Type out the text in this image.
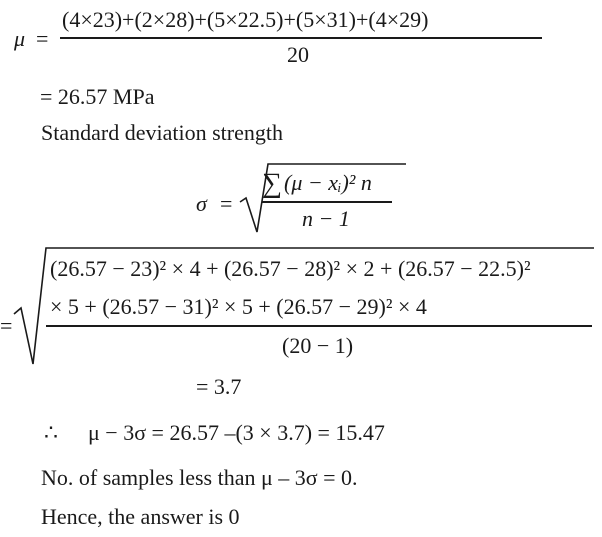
μ =
(4×23)+(2×28)+(5×22.5)+(5×31)+(4×29)
20
= 26.57 MPa
Standard deviation strength
σ =
∑ (μ − xᵢ)² n
n − 1
=
(26.57 − 23)² × 4 + (26.57 − 28)² × 2 + (26.57 − 22.5)²
× 5 + (26.57 − 31)² × 5 + (26.57 − 29)² × 4
(20 − 1)
= 3.7
∴ μ − 3σ = 26.57 –(3 × 3.7) = 15.47
No. of samples less than μ – 3σ = 0.
Hence, the answer is 0
